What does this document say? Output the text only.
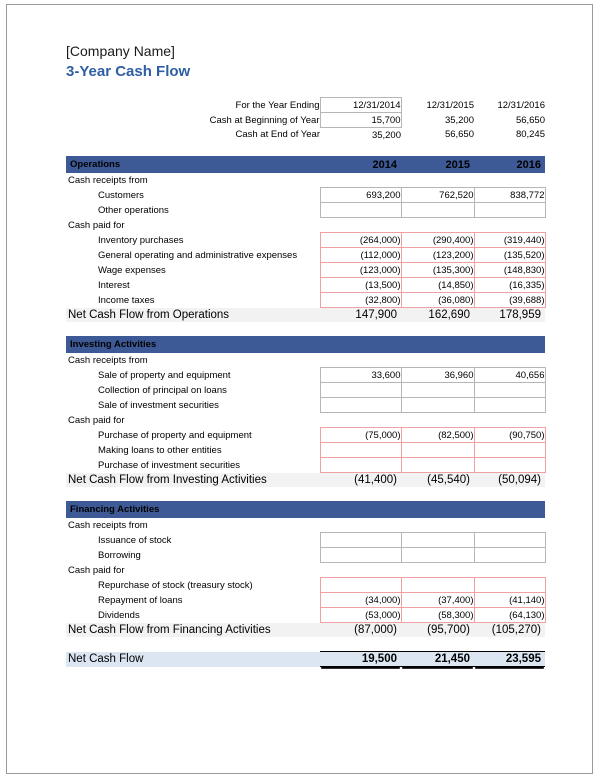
[Company Name]
3-Year Cash Flow
For the Year Ending	12/31/2014	12/31/2015	12/31/2016
Cash at Beginning of Year	15,700	35,200	56,650
Cash at End of Year	35,200	56,650	80,245

Operations	2014	2015	2016
Cash receipts from			
Customers	693,200	762,520	838,772
Other operations			
Cash paid for			
Inventory purchases	(264,000)	(290,400)	(319,440)
General operating and administrative expenses	(112,000)	(123,200)	(135,520)
Wage expenses	(123,000)	(135,300)	(148,830)
Interest	(13,500)	(14,850)	(16,335)
Income taxes	(32,800)	(36,080)	(39,688)
Net Cash Flow from Operations	147,900	162,690	178,959

Investing Activities			
Cash receipts from			
Sale of property and equipment	33,600	36,960	40,656
Collection of principal on loans			
Sale of investment securities			
Cash paid for			
Purchase of property and equipment	(75,000)	(82,500)	(90,750)
Making loans to other entities			
Purchase of investment securities			
Net Cash Flow from Investing Activities	(41,400)	(45,540)	(50,094)

Financing Activities			
Cash receipts from			
Issuance of stock			
Borrowing			
Cash paid for			
Repurchase of stock (treasury stock)			
Repayment of loans	(34,000)	(37,400)	(41,140)
Dividends	(53,000)	(58,300)	(64,130)
Net Cash Flow from Financing Activities	(87,000)	(95,700)	(105,270)

Net Cash Flow	19,500	21,450	23,595
